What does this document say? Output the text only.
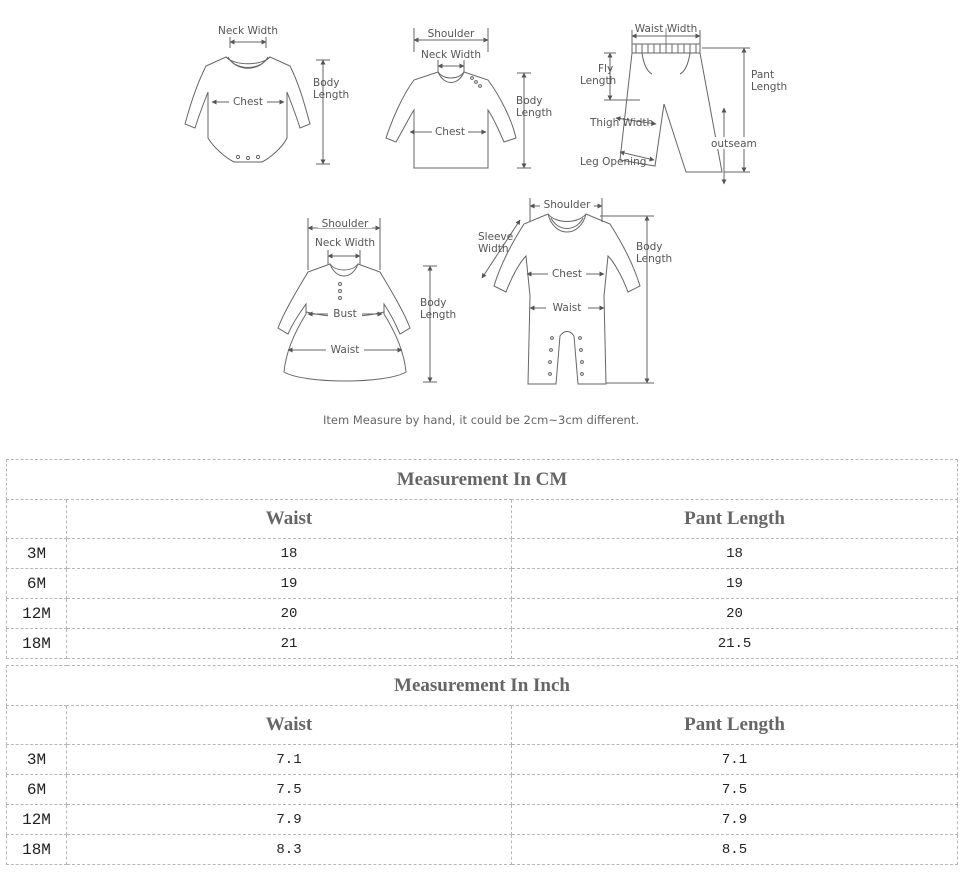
Neck Width
Chest
Body
Length
Shoulder
Neck Width
Chest
Body
Length
Waist Width
Fly
Length	Pant
Length
Thigh Width
outseam
Leg Opening
Shoulder
Neck Width
Bust
Waist
Body
Length
Shoulder
Sleeve
Width
Chest
Waist
Body
Length
Item Measure by hand, it could be 2cm~3cm different.
Measurement In CM		
	Waist	Pant Length
3M	18	18
6M	19	19
12M	20	20
18M	21	21.5
Measurement In Inch		
	Waist	Pant Length
3M	7.1	7.1
6M	7.5	7.5
12M	7.9	7.9
18M	8.3	8.5
